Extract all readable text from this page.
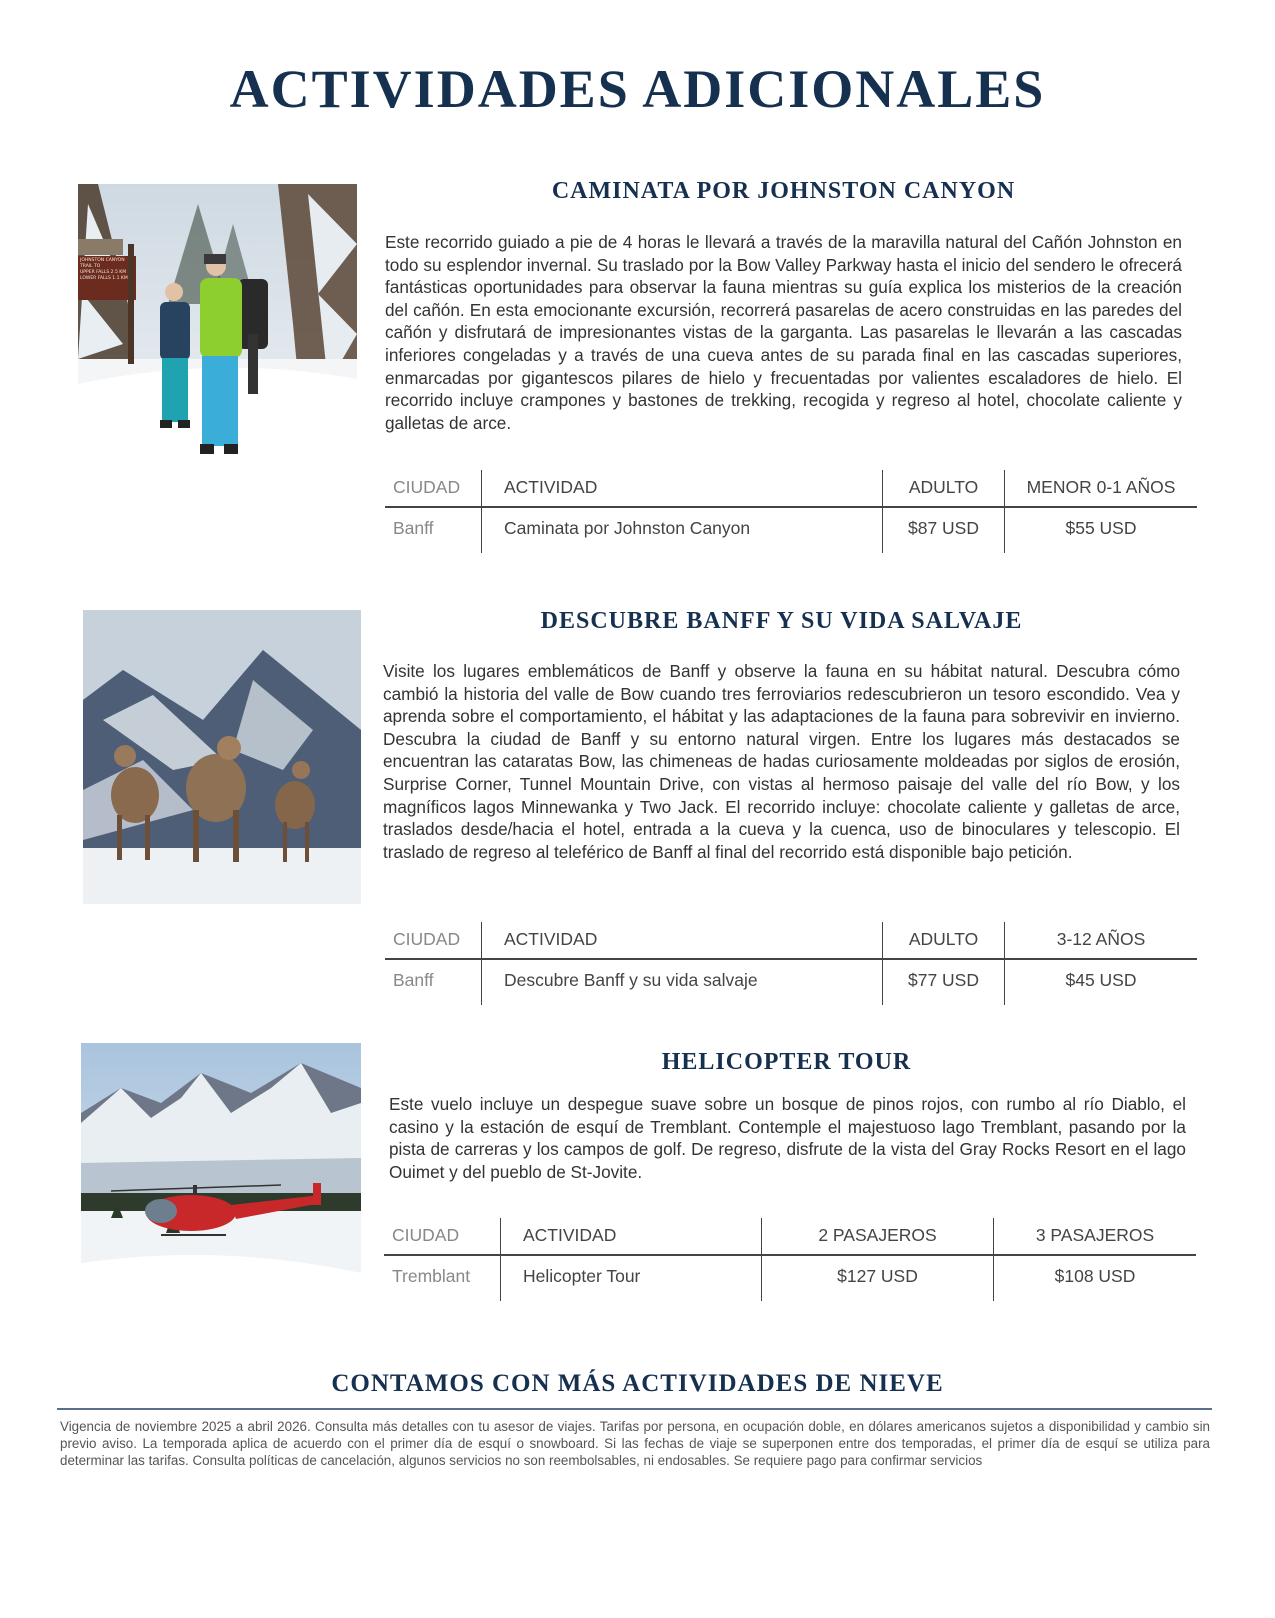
ACTIVIDADES ADICIONALES
JOHNSTON CANYON
TRAIL TO
UPPER FALLS 2.5 KM
LOWER FALLS 1.1 KM
CAMINATA POR JOHNSTON CANYON

Este recorrido guiado a pie de 4 horas le llevará a través de la maravilla natural del Cañón Johnston en todo su esplendor invernal. Su traslado por la Bow Valley Parkway hasta el inicio del sendero le ofrecerá fantásticas oportunidades para observar la fauna mientras su guía explica los misterios de la creación del cañón. En esta emocionante excursión, recorrerá pasarelas de acero construidas en las paredes del cañón y disfrutará de impresionantes vistas de la garganta. Las pasarelas le llevarán a las cascadas inferiores congeladas y a través de una cueva antes de su parada final en las cascadas superiores, enmarcadas por gigantescos pilares de hielo y frecuentadas por valientes escaladores de hielo. El recorrido incluye crampones y bastones de trekking, recogida y regreso al hotel, chocolate caliente y galletas de arce.

CIUDAD	ACTIVIDAD	ADULTO	MENOR 0-1 AÑOS
Banff	Caminata por Johnston Canyon	$87 USD	$55 USD
DESCUBRE BANFF Y SU VIDA SALVAJE

Visite los lugares emblemáticos de Banff y observe la fauna en su hábitat natural. Descubra cómo cambió la historia del valle de Bow cuando tres ferroviarios redescubrieron un tesoro escondido. Vea y aprenda sobre el comportamiento, el hábitat y las adaptaciones de la fauna para sobrevivir en invierno. Descubra la ciudad de Banff y su entorno natural virgen. Entre los lugares más destacados se encuentran las cataratas Bow, las chimeneas de hadas curiosamente moldeadas por siglos de erosión, Surprise Corner, Tunnel Mountain Drive, con vistas al hermoso paisaje del valle del río Bow, y los magníficos lagos Minnewanka y Two Jack. El recorrido incluye: chocolate caliente y galletas de arce, traslados desde/hacia el hotel, entrada a la cueva y la cuenca, uso de binoculares y telescopio. El traslado de regreso al teleférico de Banff al final del recorrido está disponible bajo petición.

CIUDAD	ACTIVIDAD	ADULTO	3-12 AÑOS
Banff	Descubre Banff y su vida salvaje	$77 USD	$45 USD
HELICOPTER TOUR

Este vuelo incluye un despegue suave sobre un bosque de pinos rojos, con rumbo al río Diablo, el casino y la estación de esquí de Tremblant. Contemple el majestuoso lago Tremblant, pasando por la pista de carreras y los campos de golf. De regreso, disfrute de la vista del Gray Rocks Resort en el lago Ouimet y del pueblo de St-Jovite.

CIUDAD	ACTIVIDAD	2 PASAJEROS	3 PASAJEROS
Tremblant	Helicopter Tour	$127 USD	$108 USD
CONTAMOS CON MÁS ACTIVIDADES DE NIEVE

Vigencia de noviembre 2025 a abril 2026. Consulta más detalles con tu asesor de viajes. Tarifas por persona, en ocupación doble, en dólares americanos sujetos a disponibilidad y cambio sin previo aviso. La temporada aplica de acuerdo con el primer día de esquí o snowboard. Si las fechas de viaje se superponen entre dos temporadas, el primer día de esquí se utiliza para determinar las tarifas. Consulta políticas de cancelación, algunos servicios no son reembolsables, ni endosables. Se requiere pago para confirmar servicios
